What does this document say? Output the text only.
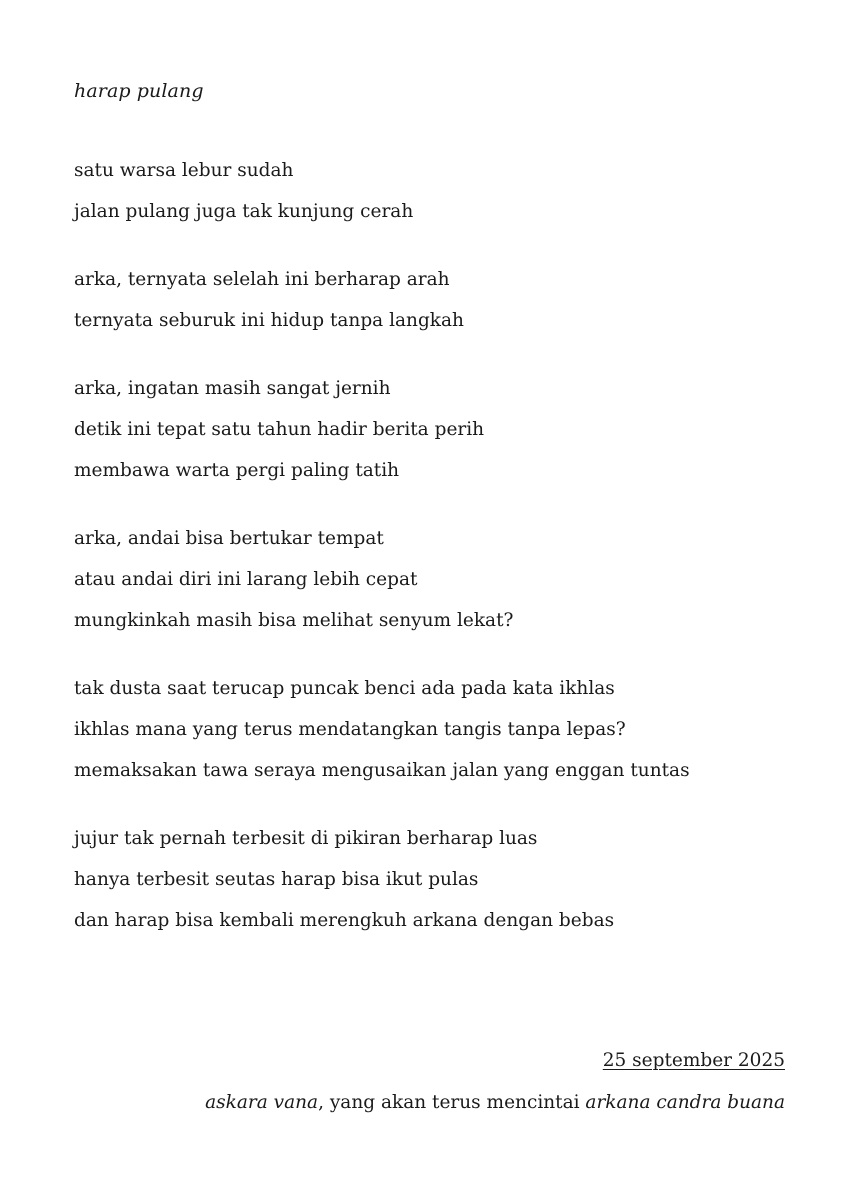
harap pulang
satu warsa lebur sudah
jalan pulang juga tak kunjung cerah
arka, ternyata selelah ini berharap arah
ternyata seburuk ini hidup tanpa langkah
arka, ingatan masih sangat jernih
detik ini tepat satu tahun hadir berita perih
membawa warta pergi paling tatih
arka, andai bisa bertukar tempat
atau andai diri ini larang lebih cepat
mungkinkah masih bisa melihat senyum lekat?
tak dusta saat terucap puncak benci ada pada kata ikhlas
ikhlas mana yang terus mendatangkan tangis tanpa lepas?
memaksakan tawa seraya mengusaikan jalan yang enggan tuntas
jujur tak pernah terbesit di pikiran berharap luas
hanya terbesit seutas harap bisa ikut pulas
dan harap bisa kembali merengkuh arkana dengan bebas
25 september 2025
askara vana, yang akan terus mencintai arkana candra buana
